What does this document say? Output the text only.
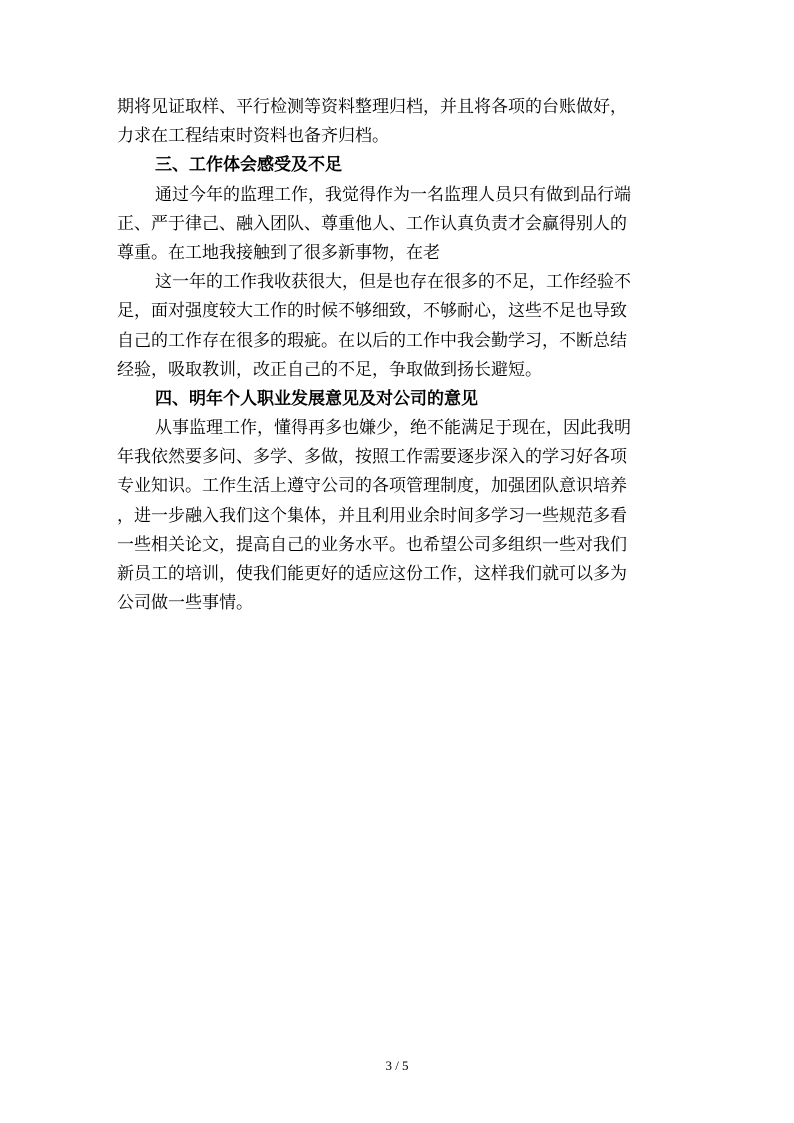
期将见证取样、平行检测等资料整理归档，并且将各项的台账做好，
力求在工程结束时资料也备齐归档。
三、工作体会感受及不足
通过今年的监理工作，我觉得作为一名监理人员只有做到品行端
正、严于律己、融入团队、尊重他人、工作认真负责才会赢得别人的
尊重。在工地我接触到了很多新事物，在老
这一年的工作我收获很大，但是也存在很多的不足，工作经验不
足，面对强度较大工作的时候不够细致，不够耐心，这些不足也导致
自己的工作存在很多的瑕疵。在以后的工作中我会勤学习，不断总结
经验，吸取教训，改正自己的不足，争取做到扬长避短。
四、明年个人职业发展意见及对公司的意见
从事监理工作，懂得再多也嫌少，绝不能满足于现在，因此我明
年我依然要多问、多学、多做，按照工作需要逐步深入的学习好各项
专业知识。工作生活上遵守公司的各项管理制度，加强团队意识培养
，进一步融入我们这个集体，并且利用业余时间多学习一些规范多看
一些相关论文，提高自己的业务水平。也希望公司多组织一些对我们
新员工的培训，使我们能更好的适应这份工作，这样我们就可以多为
公司做一些事情。
3 / 5
